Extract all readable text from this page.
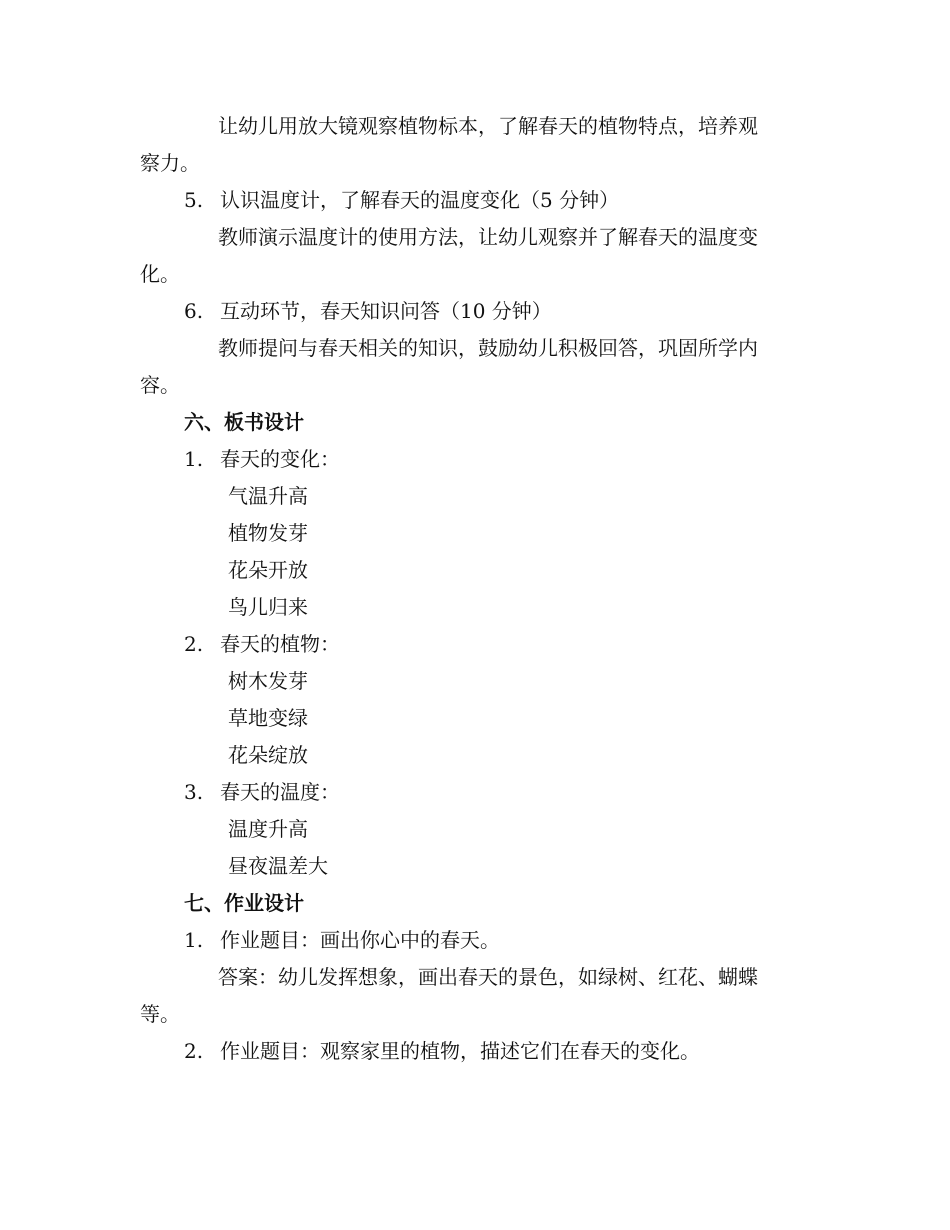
让幼儿用放大镜观察植物标本，了解春天的植物特点，培养观
察力。
5. 认识温度计，了解春天的温度变化（5 分钟）
教师演示温度计的使用方法，让幼儿观察并了解春天的温度变
化。
6. 互动环节，春天知识问答（10 分钟）
教师提问与春天相关的知识，鼓励幼儿积极回答，巩固所学内
容。
六、板书设计
1. 春天的变化：
气温升高
植物发芽
花朵开放
鸟儿归来
2. 春天的植物：
树木发芽
草地变绿
花朵绽放
3. 春天的温度：
温度升高
昼夜温差大
七、作业设计
1. 作业题目：画出你心中的春天。
答案：幼儿发挥想象，画出春天的景色，如绿树、红花、蝴蝶
等。
2. 作业题目：观察家里的植物，描述它们在春天的变化。
